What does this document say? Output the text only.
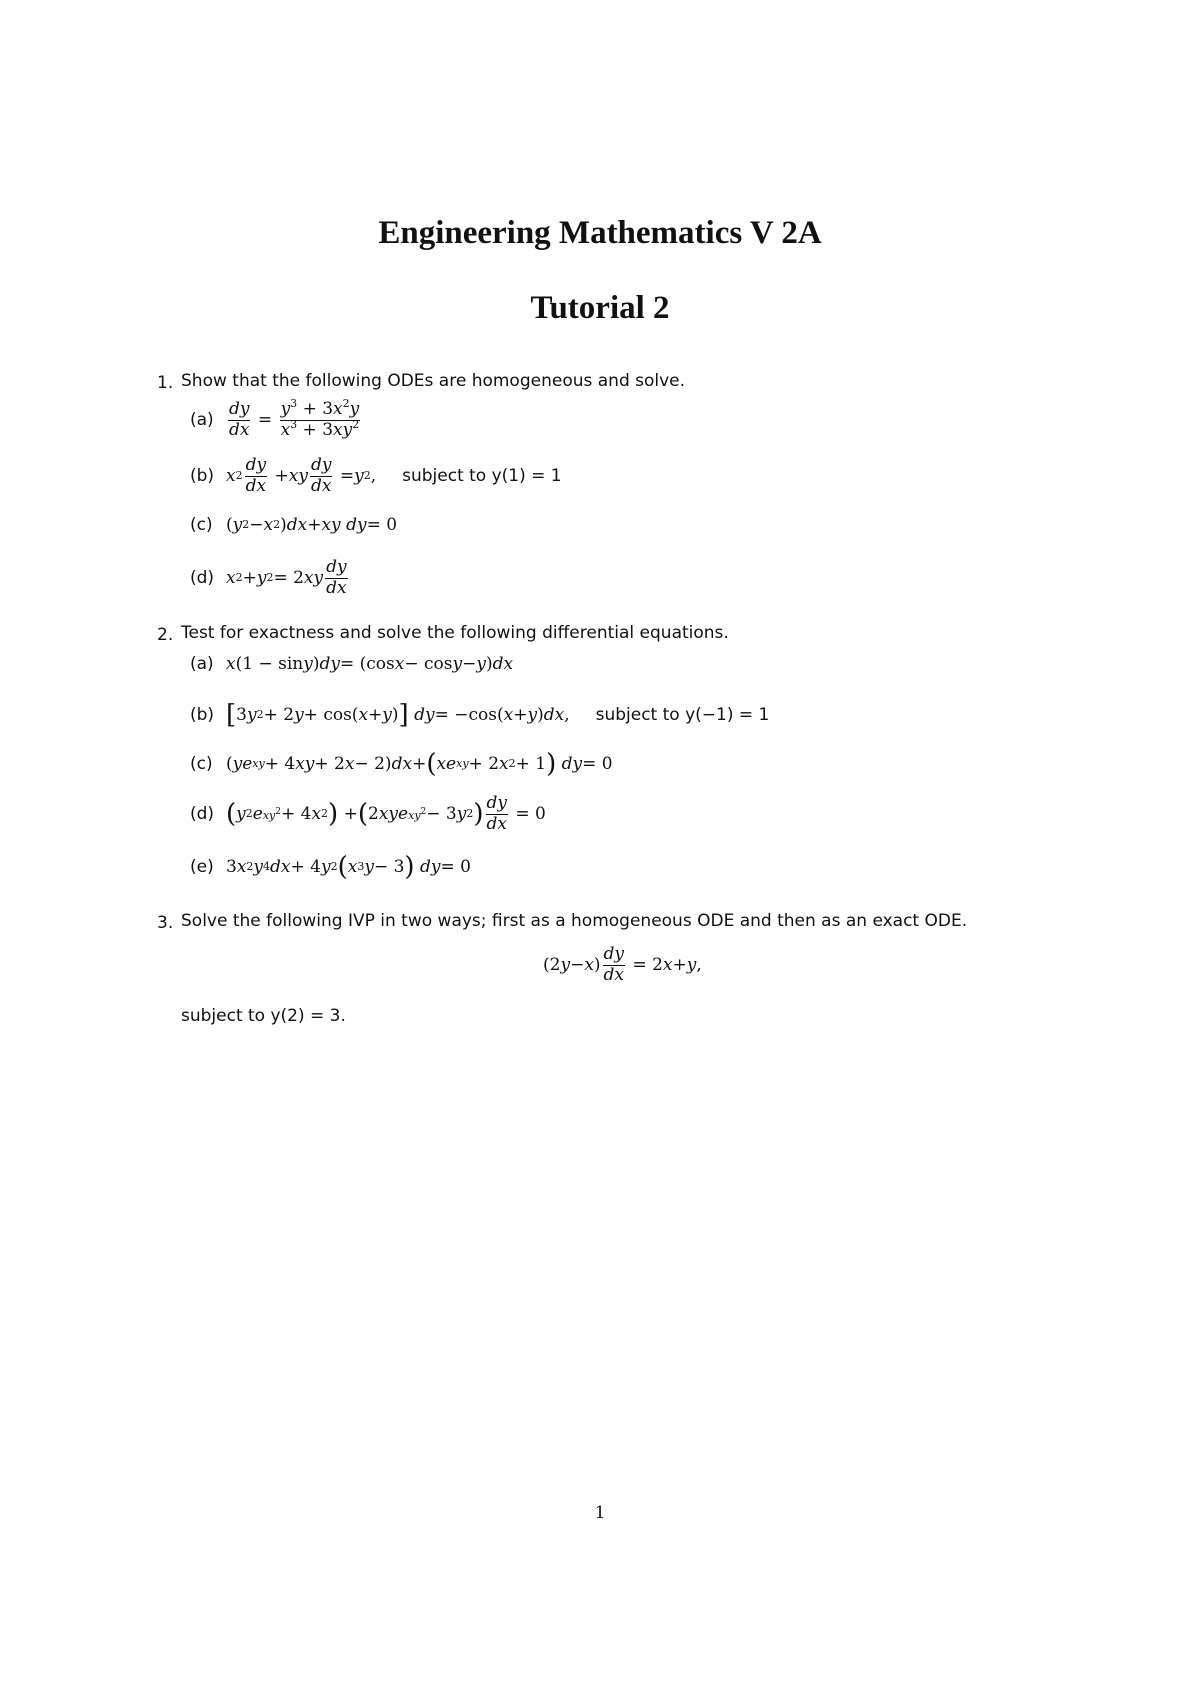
Engineering Mathematics V 2A
Tutorial 2
1. Show that the following ODEs are homogeneous and solve.
$(a) \frac{dy}{dx} = \frac{y^3 + 3x^2y}{x^3 + 3xy^2}$
(b) x $2 \frac{dy}{dx}$ + xy $\frac{dy}{dx} = y$ 2 , subject to y(1) = 1
(c) ( y 2 − x 2 ) dx + xy dy = 0
(d) x 2 + y 2 = 2 xy $\frac{dy}{dx}$
2. Test for exactness and solve the following differential equations.
(a) x (1 − sin y ) dy = (cos x − cos y − y ) dx
(b) [ 3 y 2 + 2 y + cos( x + y ) ]
dy = −cos( x + y ) dx , subject to y(−1) = 1
(c) ( ye xy + 4 xy + 2 x − 2) dx + ( xe xy + 2 x 2 + 1 )
dy = 0
(d) ( y 2 e $xy^2 + 4$ x 2 ) + ( 2 xye $xy^2 - 3$ y 2 ) $\frac{dy}{dx} = 0$
(e) 3 x 2 y 4 dx + 4 y 2 ( x 3 y − 3 )
dy = 0
3. Solve the following IVP in two ways; first as a homogeneous ODE and then as an exact ODE.
(2 y − x ) $\frac{dy}{dx} = 2$ x + y ,
subject to y(2) = 3.
1
